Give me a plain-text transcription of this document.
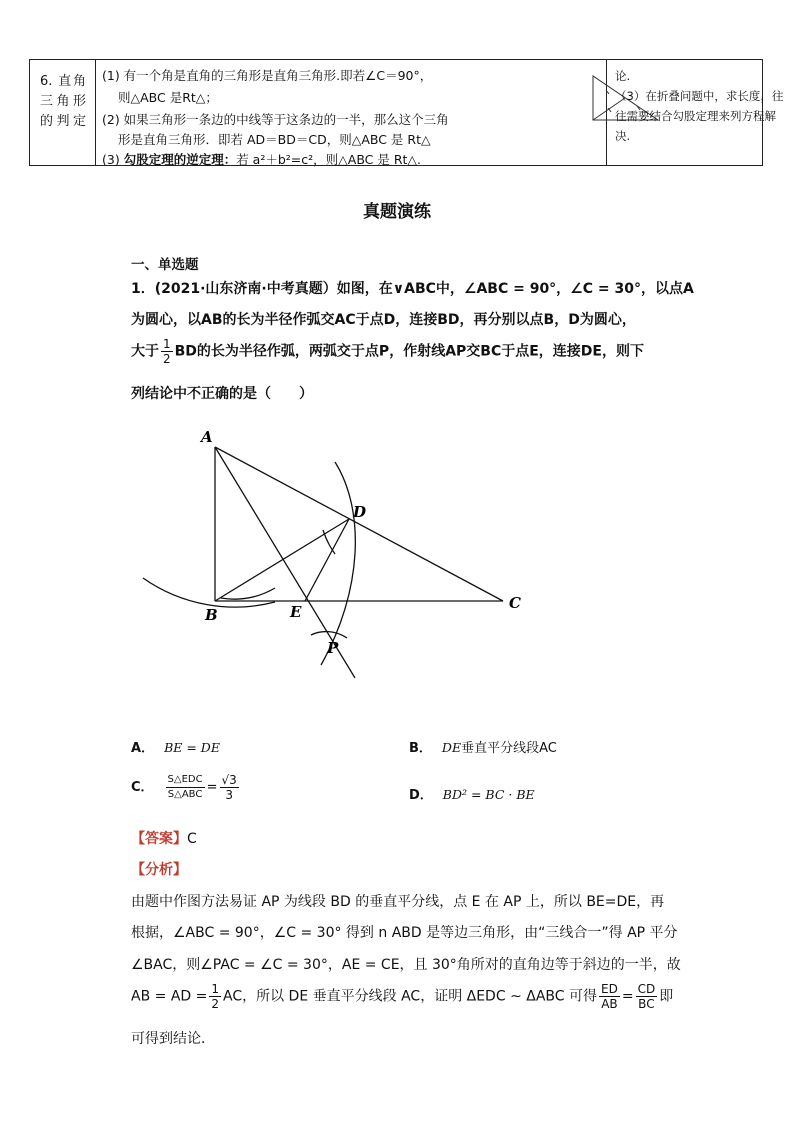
6. 直角三角形的判定
(1) 有一个角是直角的三角形是直角三角形.即若∠C＝90°，
则△ABC 是Rt△；
(2) 如果三角形一条边的中线等于这条边的一半，那么这个三角
形是直角三角形．即若 AD＝BD＝CD，则△ABC 是 Rt△
(3) 勾股定理的逆定理：若 a²＋b²=c²，则△ABC 是 Rt△.
论.
（3）在折叠问题中，求长度，往往需要结合勾股定理来列方程解决.
真题演练
一、单选题
1．(2021·山东济南·中考真题）如图，在∨ABC中，∠ABC = 90°，∠C = 30°，以点A
为圆心，以AB的长为半径作弧交AC于点D，连接BD，再分别以点B，D为圆心，
大于 $\frac{1}{2}$ BD的长为半径作弧，两弧交于点P，作射线AP交BC于点E，连接DE，则下
列结论中不正确的是（　　）
A
D
B	E	C
P
A． BE = DE	B． DE垂直平分线段AC
C． $\frac{\text{S△EDC}}{\text{S△ABC}} = \frac{√3}{3}$	D． BD² = BC · BE
【答案】C
【分析】
由题中作图方法易证 AP 为线段 BD 的垂直平分线，点 E 在 AP 上，所以 BE=DE，再
根据，∠ABC = 90°，∠C = 30° 得到 n ABD 是等边三角形，由“三线合一”得 AP 平分
∠BAC，则∠PAC = ∠C = 30°，AE = CE，且 30°角所对的直角边等于斜边的一半，故
AB = AD = $\frac{1}{2}$ AC，所以 DE 垂直平分线段 AC，证明 ΔEDC ∼ ΔABC 可得 $\frac{ED}{AB} = \frac{CD}{BC}$ 即
可得到结论．
